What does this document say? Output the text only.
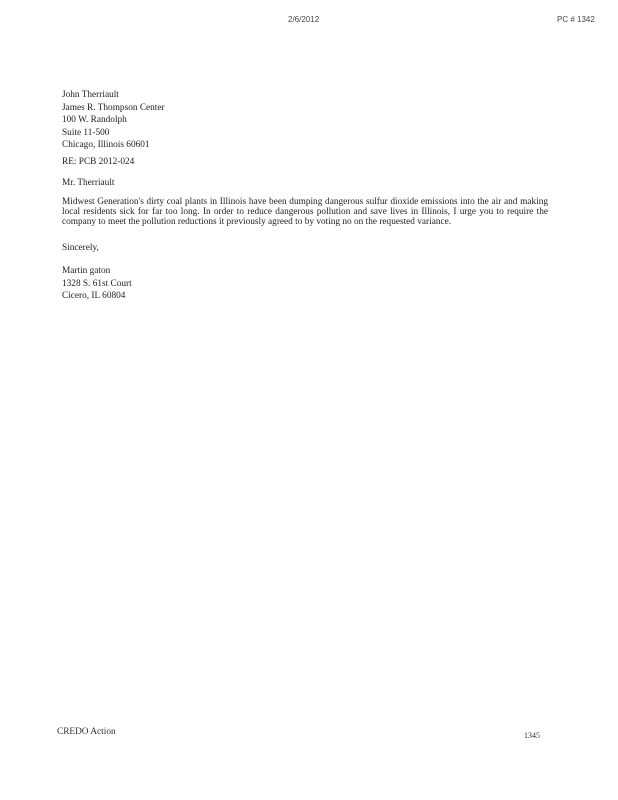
2/6/2012	PC # 1342
John Therriault
James R. Thompson Center
100 W. Randolph
Suite 11-500
Chicago, Illinois 60601
RE: PCB 2012-024
Mr. Therriault
Midwest Generation's dirty coal plants in Illinois have been dumping dangerous sulfur dioxide emissions into the air and making local residents sick for far too long. In order to reduce dangerous pollution and save lives in Illinois, I urge you to require the company to meet the pollution reductions it previously agreed to by voting no on the requested variance.
Sincerely,
Martin gaton
1328 S. 61st Court
Cicero, IL 60804
CREDO Action	1345
